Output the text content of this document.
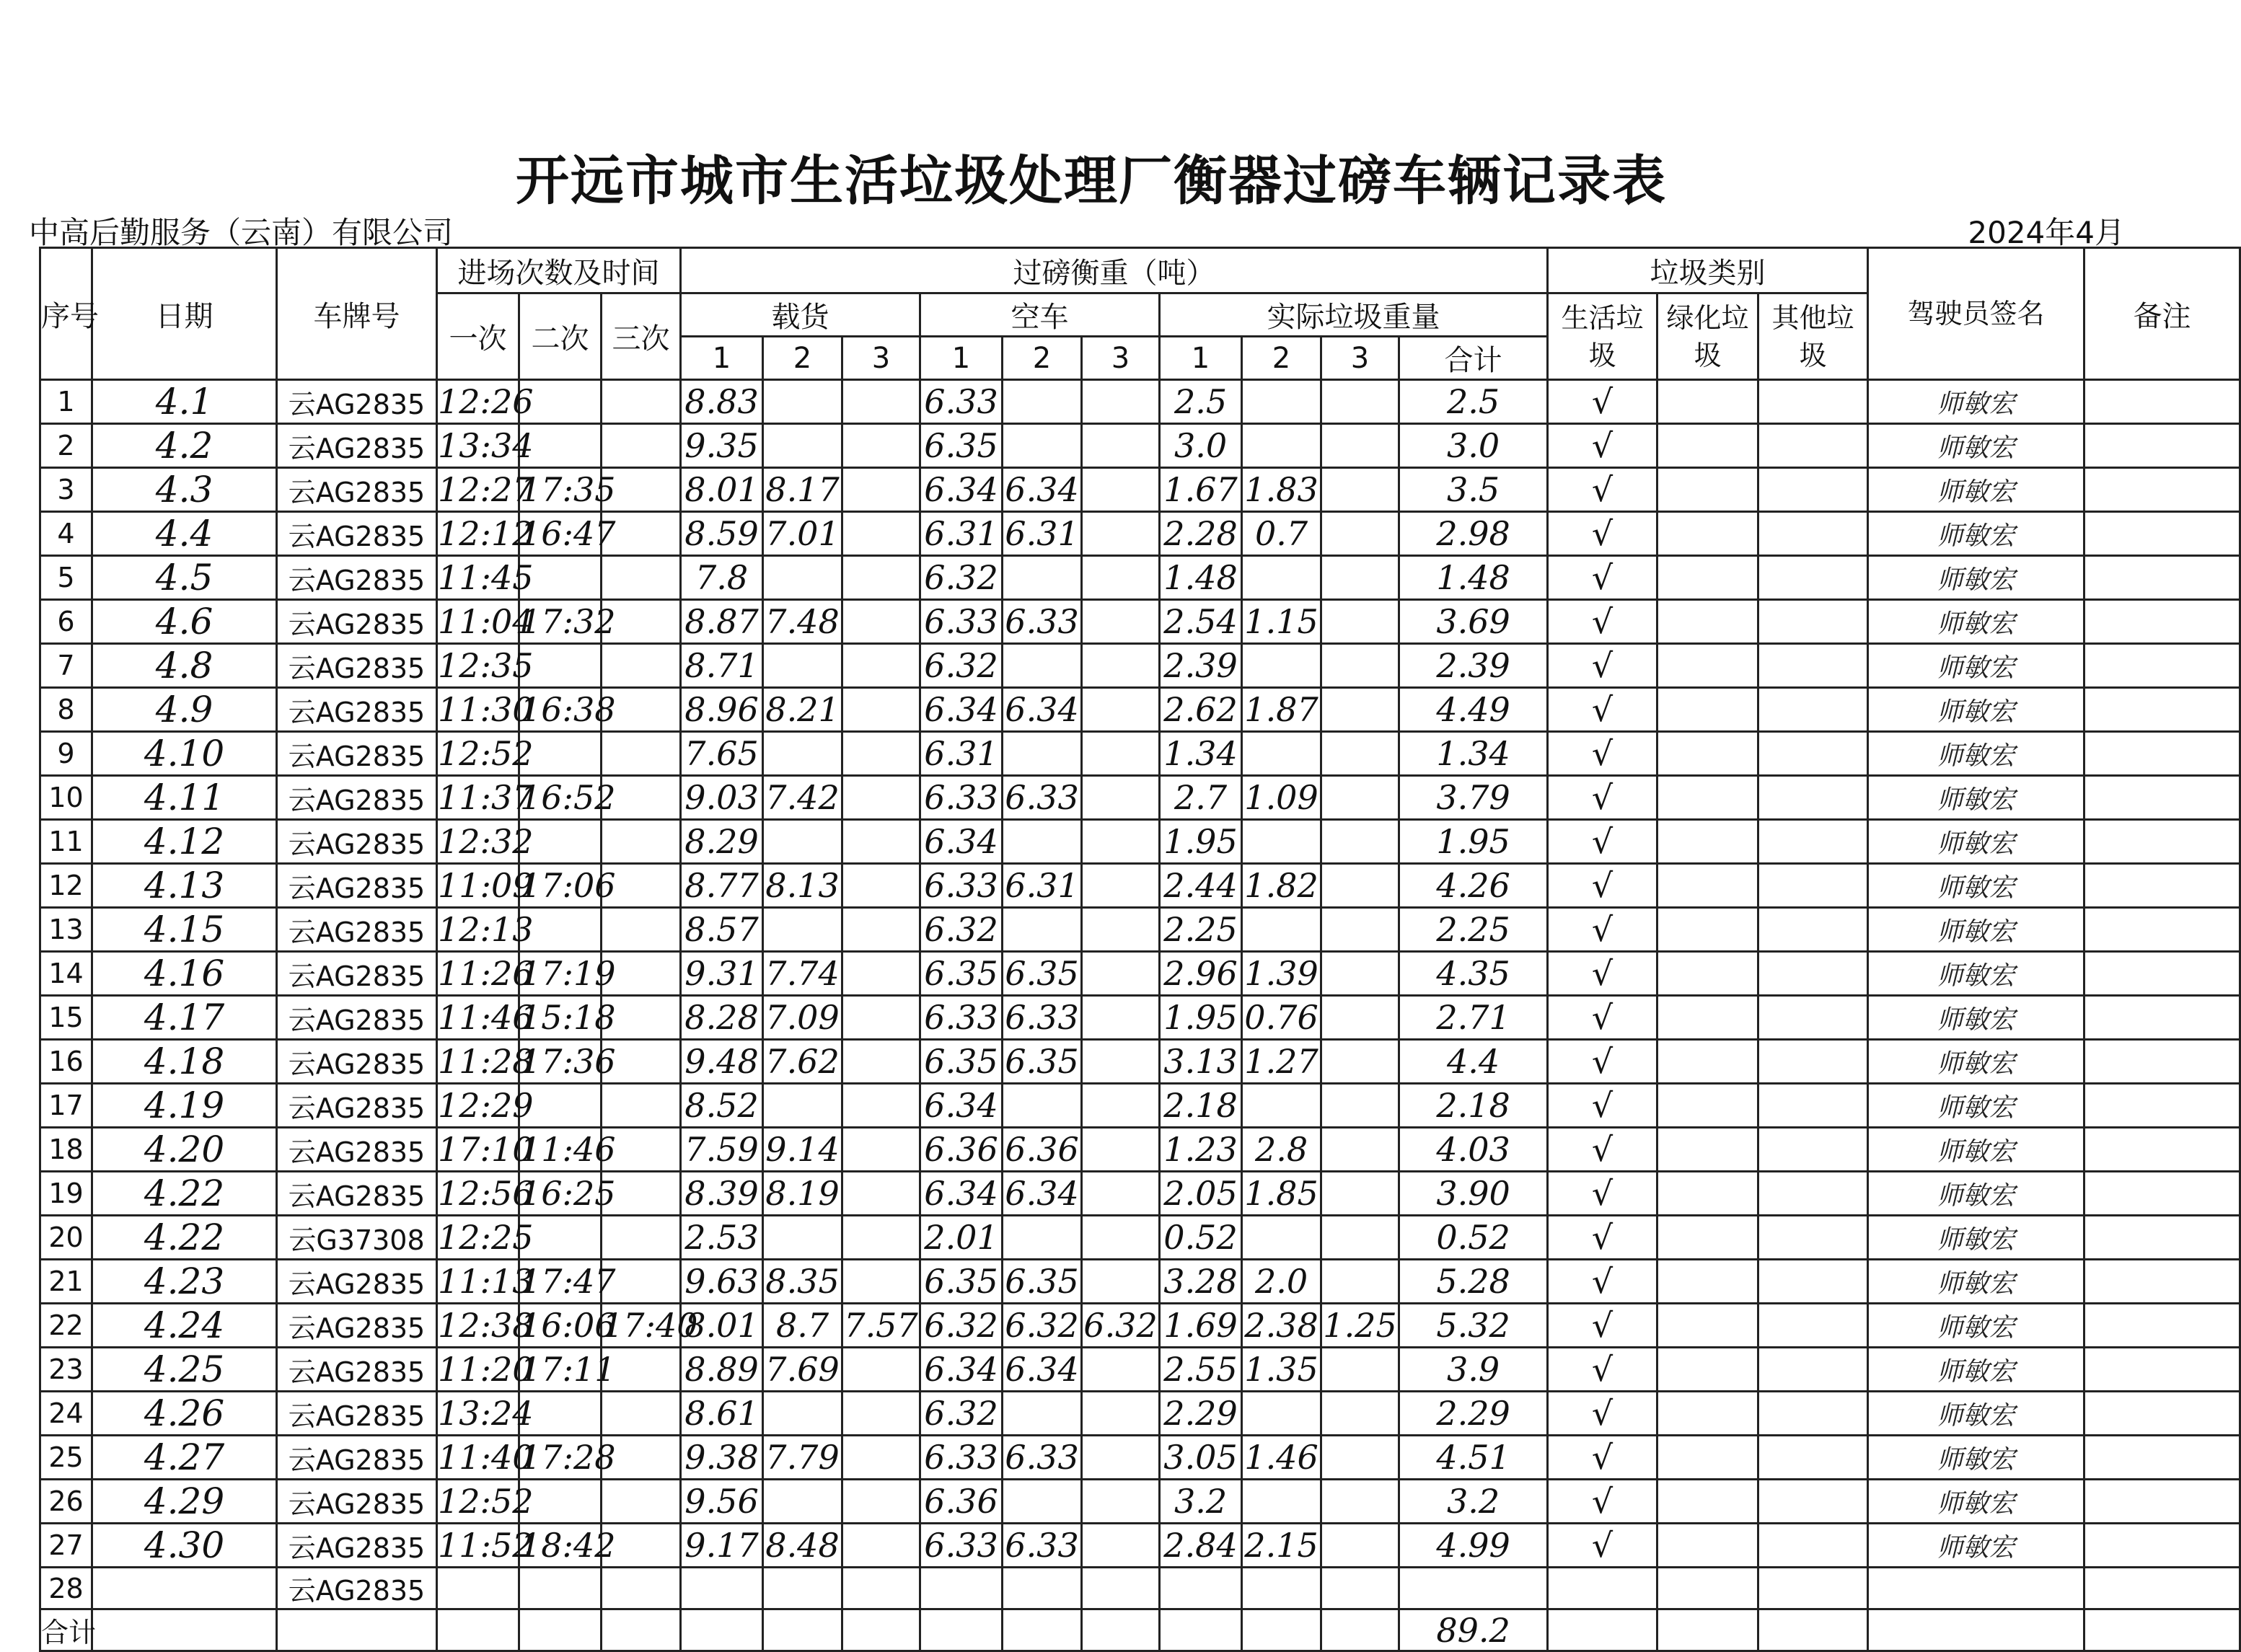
开远市城市生活垃圾处理厂衡器过磅车辆记录表
中高后勤服务（云南）有限公司	2024年4月
序号	日期	车牌号	进场次数及时间			过磅衡重（吨）										垃圾类别			驾驶员签名	备注
			一次	二次	三次	载货			空车			实际垃圾重量				生活垃圾	绿化垃圾	其他垃圾		
						1	2	3	1	2	3	1	2	3	合计					
1	4.1	云AG2835	12:26			8.83			6.33			2.5			2.5	√			师敏宏	
2	4.2	云AG2835	13:34			9.35			6.35			3.0			3.0	√			师敏宏	
3	4.3	云AG2835	12:27	17:35		8.01	8.17		6.34	6.34		1.67	1.83		3.5	√			师敏宏	
4	4.4	云AG2835	12:12	16:47		8.59	7.01		6.31	6.31		2.28	0.7		2.98	√			师敏宏	
5	4.5	云AG2835	11:45			7.8			6.32			1.48			1.48	√			师敏宏	
6	4.6	云AG2835	11:04	17:32		8.87	7.48		6.33	6.33		2.54	1.15		3.69	√			师敏宏	
7	4.8	云AG2835	12:35			8.71			6.32			2.39			2.39	√			师敏宏	
8	4.9	云AG2835	11:30	16:38		8.96	8.21		6.34	6.34		2.62	1.87		4.49	√			师敏宏	
9	4.10	云AG2835	12:52			7.65			6.31			1.34			1.34	√			师敏宏	
10	4.11	云AG2835	11:37	16:52		9.03	7.42		6.33	6.33		2.7	1.09		3.79	√			师敏宏	
11	4.12	云AG2835	12:32			8.29			6.34			1.95			1.95	√			师敏宏	
12	4.13	云AG2835	11:09	17:06		8.77	8.13		6.33	6.31		2.44	1.82		4.26	√			师敏宏	
13	4.15	云AG2835	12:13			8.57			6.32			2.25			2.25	√			师敏宏	
14	4.16	云AG2835	11:26	17:19		9.31	7.74		6.35	6.35		2.96	1.39		4.35	√			师敏宏	
15	4.17	云AG2835	11:46	15:18		8.28	7.09		6.33	6.33		1.95	0.76		2.71	√			师敏宏	
16	4.18	云AG2835	11:28	17:36		9.48	7.62		6.35	6.35		3.13	1.27		4.4	√			师敏宏	
17	4.19	云AG2835	12:29			8.52			6.34			2.18			2.18	√			师敏宏	
18	4.20	云AG2835	17:10	11:46		7.59	9.14		6.36	6.36		1.23	2.8		4.03	√			师敏宏	
19	4.22	云AG2835	12:56	16:25		8.39	8.19		6.34	6.34		2.05	1.85		3.90	√			师敏宏	
20	4.22	云G37308	12:25			2.53			2.01			0.52			0.52	√			师敏宏	
21	4.23	云AG2835	11:13	17:47		9.63	8.35		6.35	6.35		3.28	2.0		5.28	√			师敏宏	
22	4.24	云AG2835	12:38	16:06	17:40	8.01	8.7	7.57	6.32	6.32	6.32	1.69	2.38	1.25	5.32	√			师敏宏	
23	4.25	云AG2835	11:20	17:11		8.89	7.69		6.34	6.34		2.55	1.35		3.9	√			师敏宏	
24	4.26	云AG2835	13:24			8.61			6.32			2.29			2.29	√			师敏宏	
25	4.27	云AG2835	11:40	17:28		9.38	7.79		6.33	6.33		3.05	1.46		4.51	√			师敏宏	
26	4.29	云AG2835	12:52			9.56			6.36			3.2			3.2	√			师敏宏	
27	4.30	云AG2835	11:52	18:42		9.17	8.48		6.33	6.33		2.84	2.15		4.99	√			师敏宏	
28		云AG2835																		
合计															89.2					
